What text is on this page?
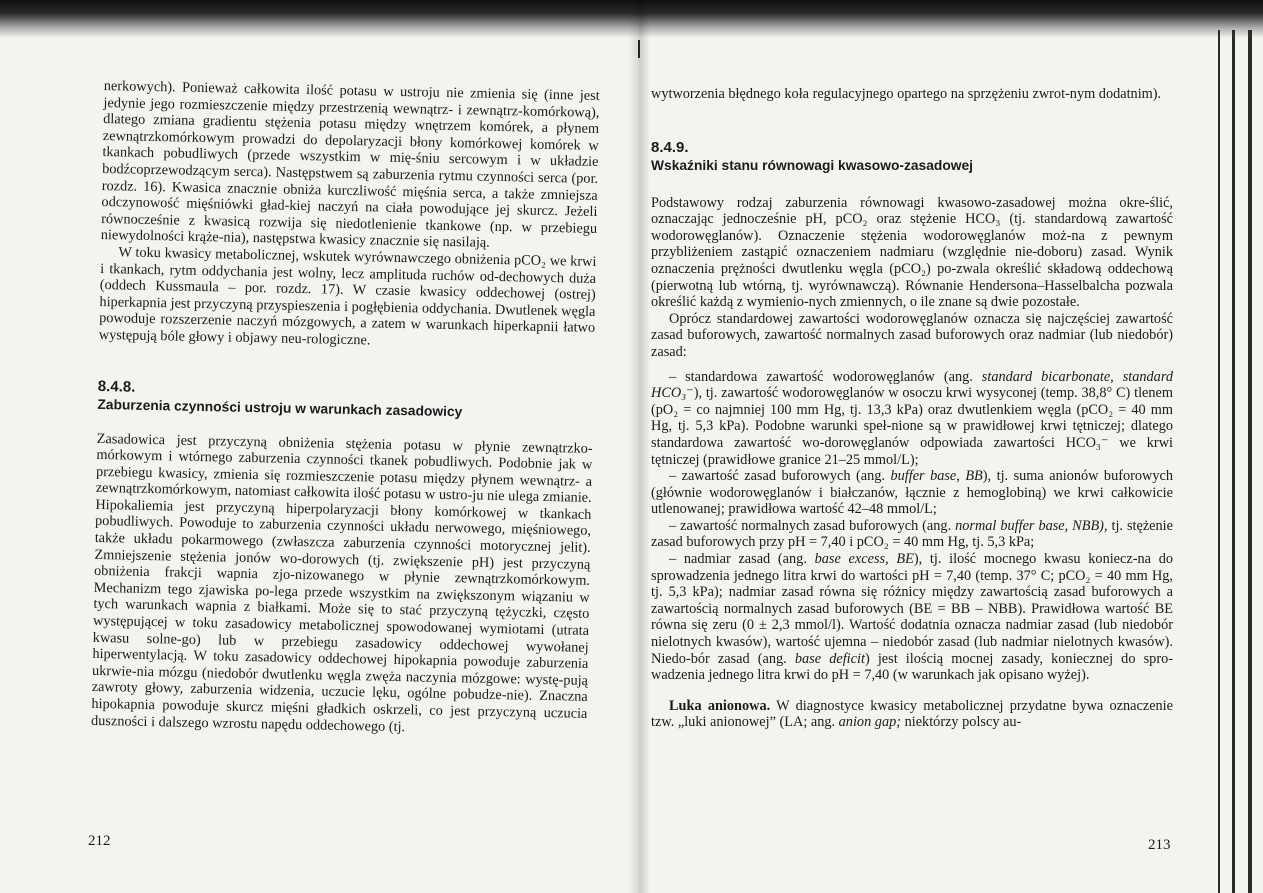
nerkowych). Ponieważ całkowita ilość potasu w ustroju nie zmienia się (inne jest jedynie jego rozmieszczenie między przestrzenią wewnątrz- i zewnątrz-komórkową), dlatego zmiana gradientu stężenia potasu między wnętrzem komórek, a płynem zewnątrzkomórkowym prowadzi do depolaryzacji błony komórkowej komórek w tkankach pobudliwych (przede wszystkim w mię-śniu sercowym i w układzie bodźcoprzewodzącym serca). Następstwem są zaburzenia rytmu czynności serca (por. rozdz. 16). Kwasica znacznie obniża kurczliwość mięśnia serca, a także zmniejsza odczynowość mięśniówki gład-kiej naczyń na ciała powodujące jej skurcz. Jeżeli równocześnie z kwasicą rozwija się niedotlenienie tkankowe (np. w przebiegu niewydolności krąże-nia), następstwa kwasicy znacznie się nasilają.

W toku kwasicy metabolicznej, wskutek wyrównawczego obniżenia pCO₂ we krwi i tkankach, rytm oddychania jest wolny, lecz amplituda ruchów od-dechowych duża (oddech Kussmaula – por. rozdz. 17). W czasie kwasicy oddechowej (ostrej) hiperkapnia jest przyczyną przyspieszenia i pogłębienia oddychania. Dwutlenek węgla powoduje rozszerzenie naczyń mózgowych, a zatem w warunkach hiperkapnii łatwo występują bóle głowy i objawy neu-rologiczne.

8.4.8.
Zaburzenia czynności ustroju w warunkach zasadowicy

Zasadowica jest przyczyną obniżenia stężenia potasu w płynie zewnątrzko-mórkowym i wtórnego zaburzenia czynności tkanek pobudliwych. Podobnie jak w przebiegu kwasicy, zmienia się rozmieszczenie potasu między płynem wewnątrz- a zewnątrzkomórkowym, natomiast całkowita ilość potasu w ustro-ju nie ulega zmianie. Hipokaliemia jest przyczyną hiperpolaryzacji błony komórkowej w tkankach pobudliwych. Powoduje to zaburzenia czynności układu nerwowego, mięśniowego, także układu pokarmowego (zwłaszcza zaburzenia czynności motorycznej jelit). Zmniejszenie stężenia jonów wo-dorowych (tj. zwiększenie pH) jest przyczyną obniżenia frakcji wapnia zjo-nizowanego w płynie zewnątrzkomórkowym. Mechanizm tego zjawiska po-lega przede wszystkim na zwiększonym wiązaniu w tych warunkach wapnia z białkami. Może się to stać przyczyną tężyczki, często występującej w toku zasadowicy metabolicznej spowodowanej wymiotami (utrata kwasu solne-go) lub w przebiegu zasadowicy oddechowej wywołanej hiperwentylacją. W toku zasadowicy oddechowej hipokapnia powoduje zaburzenia ukrwie-nia mózgu (niedobór dwutlenku węgla zwęża naczynia mózgowe: wystę-pują zawroty głowy, zaburzenia widzenia, uczucie lęku, ogólne pobudze-nie). Znaczna hipokapnia powoduje skurcz mięśni gładkich oskrzeli, co jest przyczyną uczucia duszności i dalszego wzrostu napędu oddechowego (tj.

212

wytworzenia błędnego koła regulacyjnego opartego na sprzężeniu zwrot-nym dodatnim).

8.4.9.
Wskaźniki stanu równowagi kwasowo-zasadowej

Podstawowy rodzaj zaburzenia równowagi kwasowo-zasadowej można okre-ślić, oznaczając jednocześnie pH, pCO₂ oraz stężenie HCO₃ (tj. standardową zawartość wodorowęglanów). Oznaczenie stężenia wodorowęglanów moż-na z pewnym przybliżeniem zastąpić oznaczeniem nadmiaru (względnie nie-doboru) zasad. Wynik oznaczenia prężności dwutlenku węgla (pCO₂) po-zwala określić składową oddechową (pierwotną lub wtórną, tj. wyrównawczą). Równanie Hendersona–Hasselbalcha pozwala określić każdą z wymienio-nych zmiennych, o ile znane są dwie pozostałe.

Oprócz standardowej zawartości wodorowęglanów oznacza się najczęściej zawartość zasad buforowych, zawartość normalnych zasad buforowych oraz nadmiar (lub niedobór) zasad:

– standardowa zawartość wodorowęglanów (ang. standard bicarbonate, standard HCO₃⁻), tj. zawartość wodorowęglanów w osoczu krwi wysyconej (temp. 38,8° C) tlenem (pO₂ = co najmniej 100 mm Hg, tj. 13,3 kPa) oraz dwutlenkiem węgla (pCO₂ = 40 mm Hg, tj. 5,3 kPa). Podobne warunki speł-nione są w prawidłowej krwi tętniczej; dlatego standardowa zawartość wo-dorowęglanów odpowiada zawartości HCO₃⁻ we krwi tętniczej (prawidłowe granice 21–25 mmol/L);

– zawartość zasad buforowych (ang. buffer base, BB), tj. suma anionów buforowych (głównie wodorowęglanów i białczanów, łącznie z hemoglobiną) we krwi całkowicie utlenowanej; prawidłowa wartość 42–48 mmol/L;

– zawartość normalnych zasad buforowych (ang. normal buffer base, NBB), tj. stężenie zasad buforowych przy pH = 7,40 i pCO₂ = 40 mm Hg, tj. 5,3 kPa;

– nadmiar zasad (ang. base excess, BE), tj. ilość mocnego kwasu koniecz-na do sprowadzenia jednego litra krwi do wartości pH = 7,40 (temp. 37° C; pCO₂ = 40 mm Hg, tj. 5,3 kPa); nadmiar zasad równa się różnicy między zawartością zasad buforowych a zawartością normalnych zasad buforowych (BE = BB – NBB). Prawidłowa wartość BE równa się zeru (0 ± 2,3 mmol/l). Wartość dodatnia oznacza nadmiar zasad (lub niedobór nielotnych kwasów), wartość ujemna – niedobór zasad (lub nadmiar nielotnych kwasów). Niedo-bór zasad (ang. base deficit) jest ilością mocnej zasady, koniecznej do spro-wadzenia jednego litra krwi do pH = 7,40 (w warunkach jak opisano wyżej).

Luka anionowa. W diagnostyce kwasicy metabolicznej przydatne bywa oznaczenie tzw. „luki anionowej” (LA; ang. anion gap; niektórzy polscy au-

213
